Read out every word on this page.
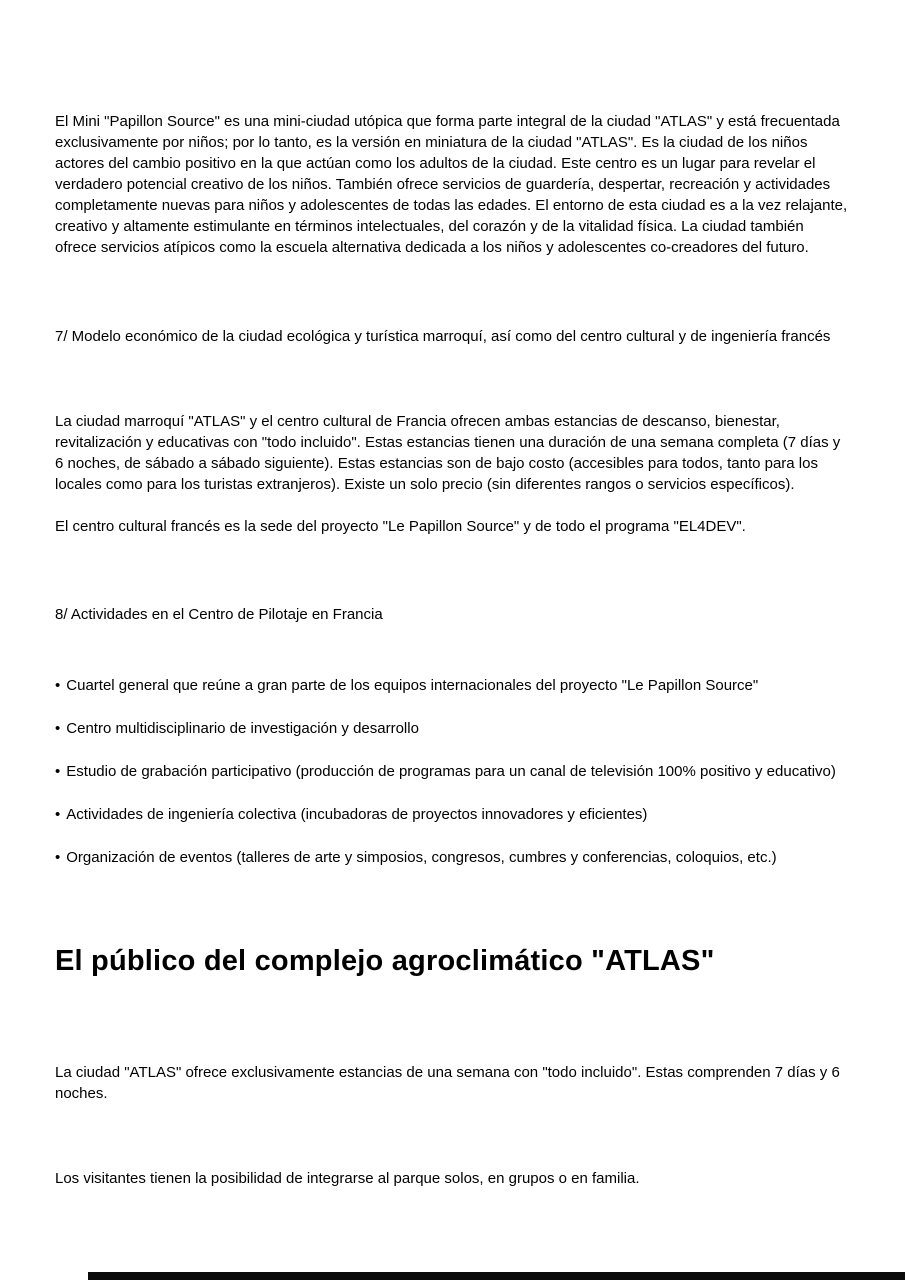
El Mini "Papillon Source" es una mini-ciudad utópica que forma parte integral de la ciudad "ATLAS" y está frecuentada exclusivamente por niños; por lo tanto, es la versión en miniatura de la ciudad "ATLAS". Es la ciudad de los niños actores del cambio positivo en la que actúan como los adultos de la ciudad. Este centro es un lugar para revelar el verdadero potencial creativo de los niños. También ofrece servicios de guardería, despertar, recreación y actividades completamente nuevas para niños y adolescentes de todas las edades. El entorno de esta ciudad es a la vez relajante, creativo y altamente estimulante en términos intelectuales, del corazón y de la vitalidad física. La ciudad también ofrece servicios atípicos como la escuela alternativa dedicada a los niños y adolescentes co-creadores del futuro.

7/ Modelo económico de la ciudad ecológica y turística marroquí, así como del centro cultural y de ingeniería francés

La ciudad marroquí "ATLAS" y el centro cultural de Francia ofrecen ambas estancias de descanso, bienestar, revitalización y educativas con "todo incluido". Estas estancias tienen una duración de una semana completa (7 días y 6 noches, de sábado a sábado siguiente). Estas estancias son de bajo costo (accesibles para todos, tanto para los locales como para los turistas extranjeros). Existe un solo precio (sin diferentes rangos o servicios específicos).

El centro cultural francés es la sede del proyecto "Le Papillon Source" y de todo el programa "EL4DEV".

8/ Actividades en el Centro de Pilotaje en Francia

• Cuartel general que reúne a gran parte de los equipos internacionales del proyecto "Le Papillon Source"
• Centro multidisciplinario de investigación y desarrollo
• Estudio de grabación participativo (producción de programas para un canal de televisión 100% positivo y educativo)
• Actividades de ingeniería colectiva (incubadoras de proyectos innovadores y eficientes)
• Organización de eventos (talleres de arte y simposios, congresos, cumbres y conferencias, coloquios, etc.)
El público del complejo agroclimático "ATLAS"

La ciudad "ATLAS" ofrece exclusivamente estancias de una semana con "todo incluido". Estas comprenden 7 días y 6 noches.

Los visitantes tienen la posibilidad de integrarse al parque solos, en grupos o en familia.
